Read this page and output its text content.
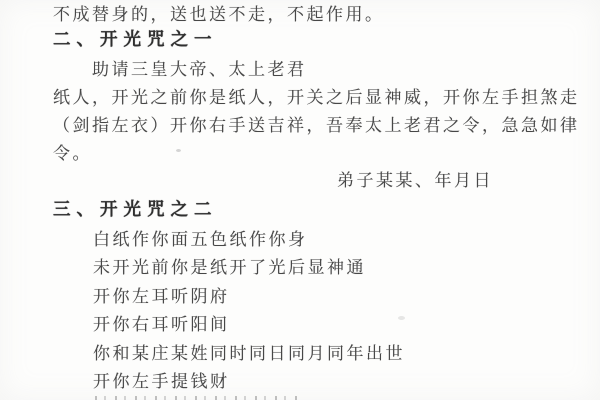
不成替身的，送也送不走，不起作用。
二、开光咒之一
助请三皇大帝、太上老君
纸人，开光之前你是纸人，开关之后显神威，开你左手担煞走
（剑指左衣）开你右手送吉祥，吾奉太上老君之令，急急如律
令。
弟子某某、年月日
三、开光咒之二
白纸作你面五色纸作你身
未开光前你是纸开了光后显神通
开你左耳听阴府
开你右耳听阳间
你和某庄某姓同时同日同月同年出世
开你左手提钱财
